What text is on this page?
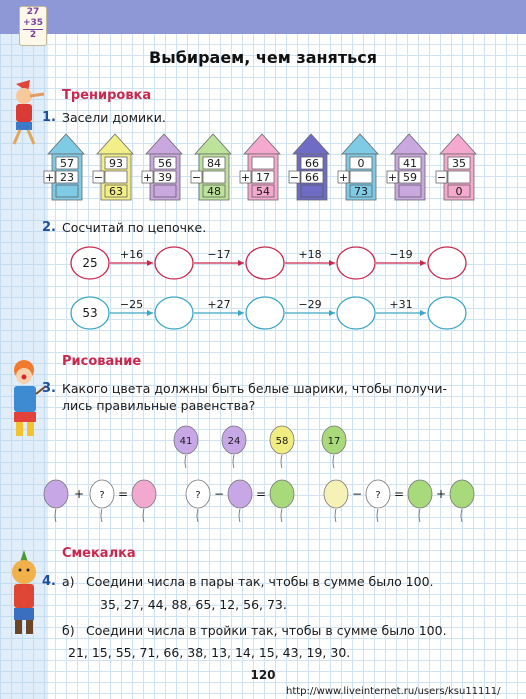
27
+35
2
Выбираем, чем заняться
Тренировка
1. Засели домики.
57
+ 23
93
−
63
56
+ 39
84
−
48
+ 17
54
66
− 66
0
+
73
41
+ 59
35
−
0
2. Сосчитай по цепочке.
25
+16	−17	+18	−19
53
−25	+27	−29	+31
Рисование
3. Какого цвета должны быть белые шарики, чтобы получи-
лись правильные равенства?
41	24	58	17
?
+	=	? −	=	?
−	=	+
Смекалка
4. а) Соедини числа в пары так, чтобы в сумме было 100.
35, 27, 44, 88, 65, 12, 56, 73.
б) Соедини числа в тройки так, чтобы в сумме было 100.
21, 15, 55, 71, 66, 38, 13, 14, 15, 43, 19, 30.
120
http://www.liveinternet.ru/users/ksu11111/
